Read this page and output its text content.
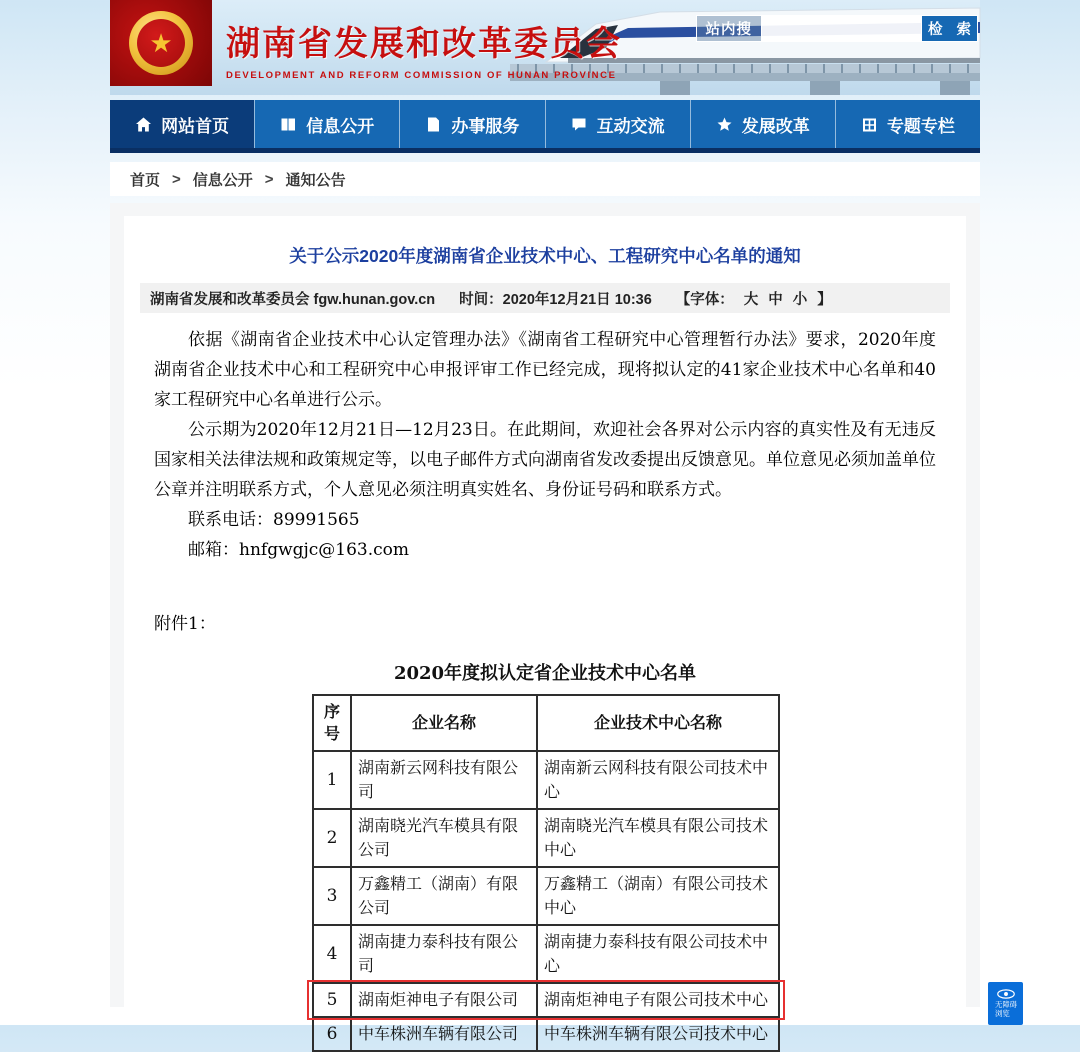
★	湖南省发展和改革委员会
DEVELOPMENT AND REFORM COMMISSION OF HUNAN PROVINCE
站内搜	检 索
网站首页	信息公开	办事服务	互动交流	发展改革	专题专栏
首页 > 信息公开 > 通知公告
关于公示2020年度湖南省企业技术中心、工程研究中心名单的通知
湖南省发展和改革委员会 fgw.hunan.gov.cn 时间：2020年12月21日 10:36 【字体： 大 中 小 】

依据《湖南省企业技术中心认定管理办法》《湖南省工程研究中心管理暂行办法》要求，2020年度湖南省企业技术中心和工程研究中心申报评审工作已经完成，现将拟认定的41家企业技术中心名单和40家工程研究中心名单进行公示。

公示期为2020年12月21日—12月23日。在此期间，欢迎社会各界对公示内容的真实性及有无违反国家相关法律法规和政策规定等，以电子邮件方式向湖南省发改委提出反馈意见。单位意见必须加盖单位公章并注明联系方式，个人意见必须注明真实姓名、身份证号码和联系方式。

联系电话：89991565
邮箱：hnfgwgjc@163.com
附件1：
2020年度拟认定省企业技术中心名单
序号	企业名称	企业技术中心名称
1	湖南新云网科技有限公司	湖南新云网科技有限公司技术中心
2	湖南晓光汽车模具有限公司	湖南晓光汽车模具有限公司技术中心
3	万鑫精工（湖南）有限公司	万鑫精工（湖南）有限公司技术中心
4	湖南捷力泰科技有限公司	湖南捷力泰科技有限公司技术中心
5	湖南炬神电子有限公司	湖南炬神电子有限公司技术中心
6	中车株洲车辆有限公司	中车株洲车辆有限公司技术中心
无障碍
浏览
